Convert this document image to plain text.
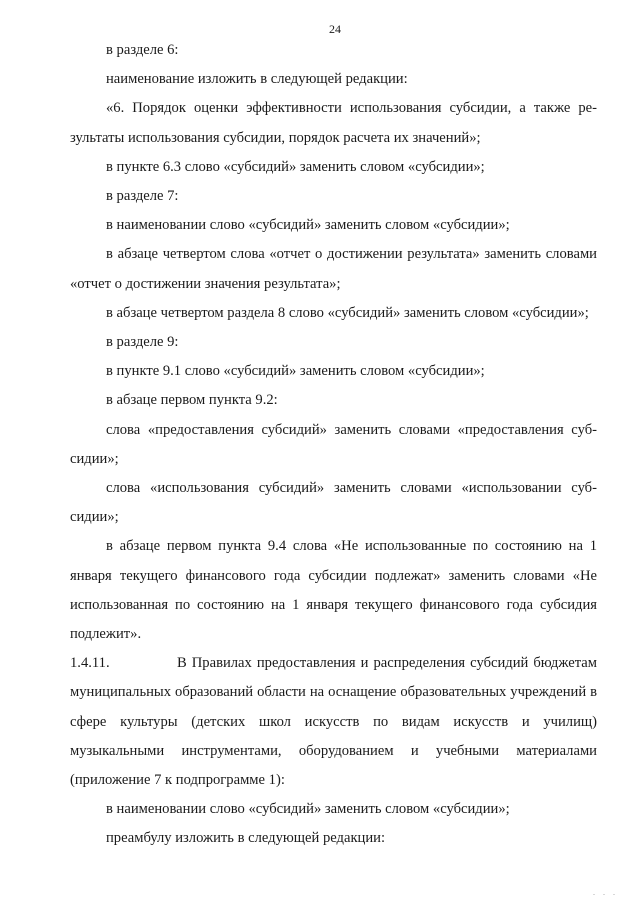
24

в разделе 6:

наименование изложить в следующей редакции:

«6. Порядок оценки эффективности использования субсидии, а также результаты использования субсидии, порядок расчета их значений»;

в пункте 6.3 слово «субсидий» заменить словом «субсидии»;

в разделе 7:

в наименовании слово «субсидий» заменить словом «субсидии»;

в абзаце четвертом слова «отчет о достижении результата» заменить словами «отчет о достижении значения результата»;

в абзаце четвертом раздела 8 слово «субсидий» заменить словом «субсидии»;

в разделе 9:

в пункте 9.1 слово «субсидий» заменить словом «субсидии»;

в абзаце первом пункта 9.2:

слова «предоставления субсидий» заменить словами «предоставления субсидии»;

слова «использования субсидий» заменить словами «использовании субсидии»;

в абзаце первом пункта 9.4 слова «Не использованные по состоянию на 1 января текущего финансового года субсидии подлежат» заменить словами «Не использованная по состоянию на 1 января текущего финансового года субсидия подлежит».

1.4.11.	В Правилах предоставления и распределения субсидий бюджетам муниципальных образований области на оснащение образовательных учреждений в сфере культуры (детских школ искусств по видам искусств и училищ) музыкальными инструментами, оборудованием и учебными материалами (приложение 7 к подпрограмме 1):

в наименовании слово «субсидий» заменить словом «субсидии»;

преамбулу изложить в следующей редакции:

. . .
